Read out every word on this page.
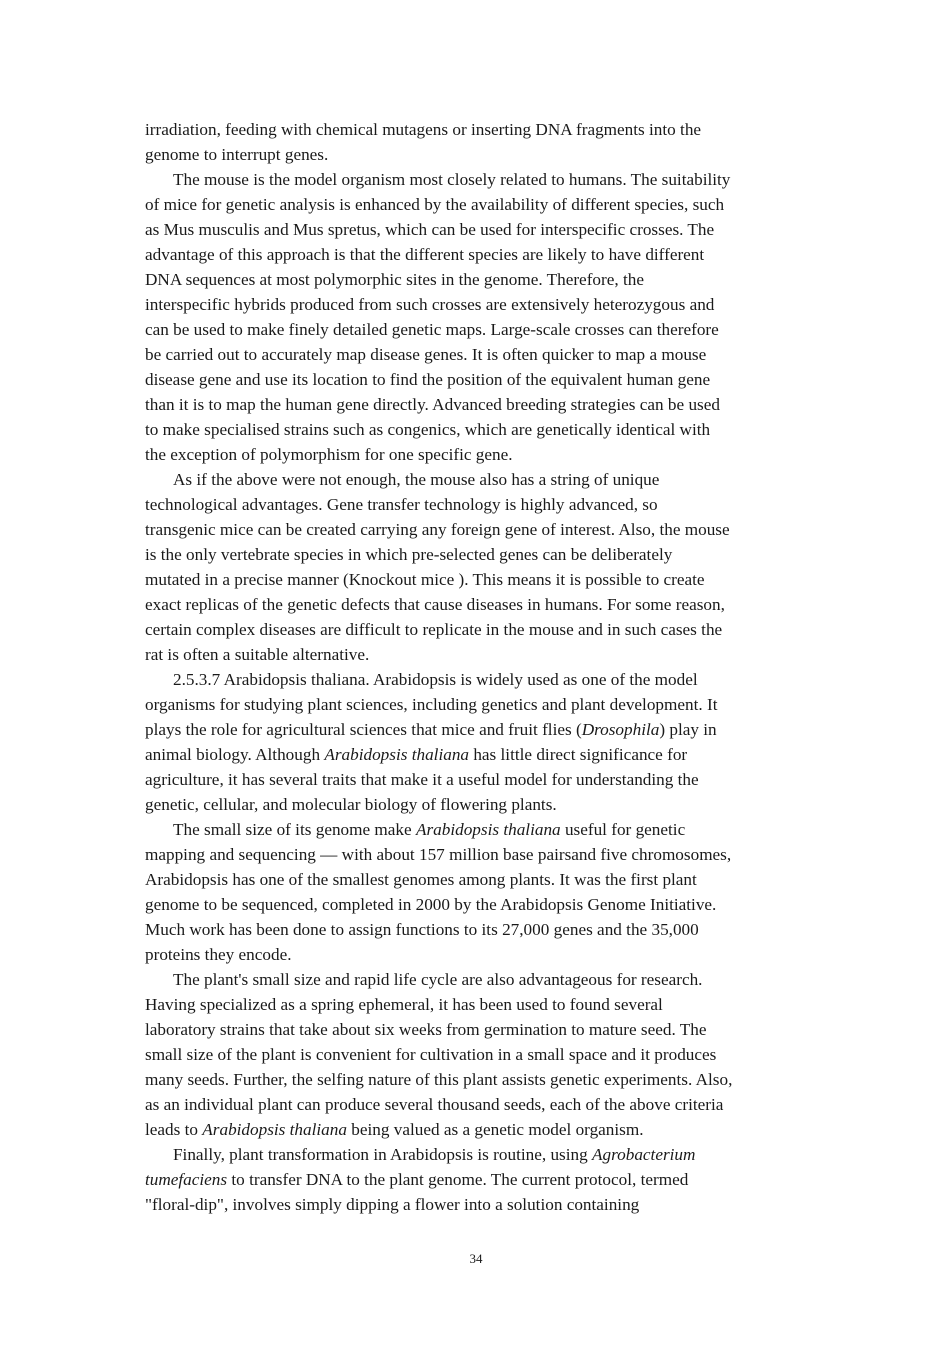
irradiation, feeding with chemical mutagens or inserting DNA fragments into the
genome to interrupt genes.
The mouse is the model organism most closely related to humans. The suitability
of mice for genetic analysis is enhanced by the availability of different species, such
as Mus musculis and Mus spretus, which can be used for interspecific crosses. The
advantage of this approach is that the different species are likely to have different
DNA sequences at most polymorphic sites in the genome. Therefore, the
interspecific hybrids produced from such crosses are extensively heterozygous and
can be used to make finely detailed genetic maps. Large-scale crosses can therefore
be carried out to accurately map disease genes. It is often quicker to map a mouse
disease gene and use its location to find the position of the equivalent human gene
than it is to map the human gene directly. Advanced breeding strategies can be used
to make specialised strains such as congenics, which are genetically identical with
the exception of polymorphism for one specific gene.
As if the above were not enough, the mouse also has a string of unique
technological advantages. Gene transfer technology is highly advanced, so
transgenic mice can be created carrying any foreign gene of interest. Also, the mouse
is the only vertebrate species in which pre-selected genes can be deliberately
mutated in a precise manner (Knockout mice ). This means it is possible to create
exact replicas of the genetic defects that cause diseases in humans. For some reason,
certain complex diseases are difficult to replicate in the mouse and in such cases the
rat is often a suitable alternative.
2.5.3.7 Arabidopsis thaliana. Arabidopsis is widely used as one of the model
organisms for studying plant sciences, including genetics and plant development. It
plays the role for agricultural sciences that mice and fruit flies (Drosophila) play in
animal biology. Although Arabidopsis thaliana has little direct significance for
agriculture, it has several traits that make it a useful model for understanding the
genetic, cellular, and molecular biology of flowering plants.
The small size of its genome make Arabidopsis thaliana useful for genetic
mapping and sequencing — with about 157 million base pairsand five chromosomes,
Arabidopsis has one of the smallest genomes among plants. It was the first plant
genome to be sequenced, completed in 2000 by the Arabidopsis Genome Initiative.
Much work has been done to assign functions to its 27,000 genes and the 35,000
proteins they encode.
The plant's small size and rapid life cycle are also advantageous for research.
Having specialized as a spring ephemeral, it has been used to found several
laboratory strains that take about six weeks from germination to mature seed. The
small size of the plant is convenient for cultivation in a small space and it produces
many seeds. Further, the selfing nature of this plant assists genetic experiments. Also,
as an individual plant can produce several thousand seeds, each of the above criteria
leads to Arabidopsis thaliana being valued as a genetic model organism.
Finally, plant transformation in Arabidopsis is routine, using Agrobacterium
tumefaciens to transfer DNA to the plant genome. The current protocol, termed
"floral-dip", involves simply dipping a flower into a solution containing
34
